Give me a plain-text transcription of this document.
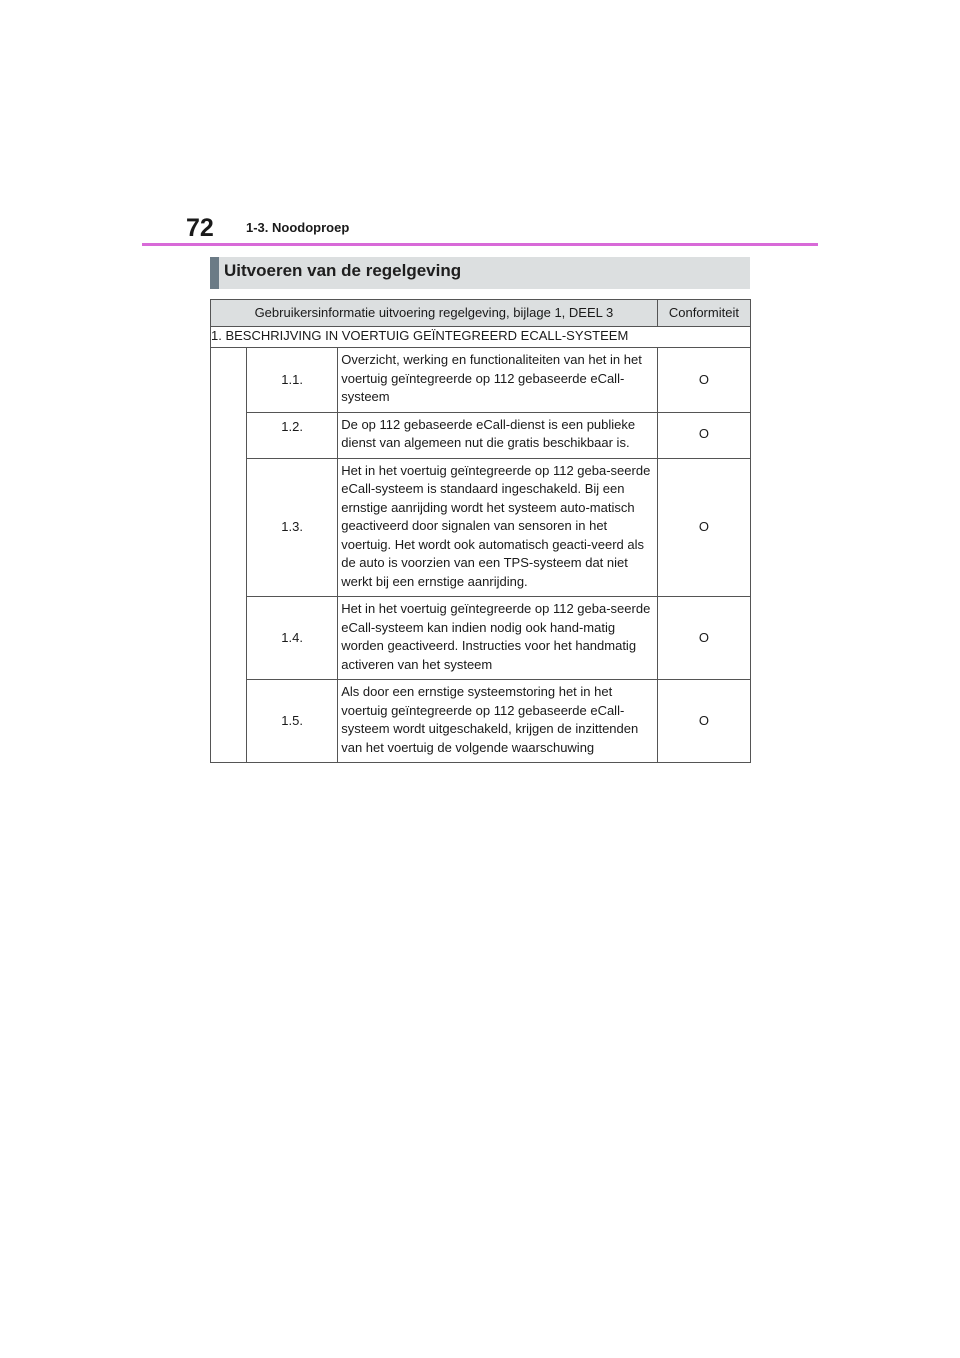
72 1-3. Noodoproep
Uitvoeren van de regelgeving
Gebruikersinformatie uitvoering regelgeving, bijlage 1, DEEL 3			Conformiteit
1. BESCHRIJVING IN VOERTUIG GEÏNTEGREERD ECALL-SYSTEEM			
	1.1.	Overzicht, werking en functionaliteiten van het in het voertuig geïntegreerde op 112 gebaseerde eCall-systeem	O
	1.2.	De op 112 gebaseerde eCall-dienst is een publieke dienst van algemeen nut die gratis beschikbaar is.	O
	1.3.	Het in het voertuig geïntegreerde op 112 geba-seerde eCall-systeem is standaard ingeschakeld. Bij een ernstige aanrijding wordt het systeem auto-matisch geactiveerd door signalen van sensoren in het voertuig. Het wordt ook automatisch geacti-veerd als de auto is voorzien van een TPS-systeem dat niet werkt bij een ernstige aanrijding.	O
	1.4.	Het in het voertuig geïntegreerde op 112 geba-seerde eCall-systeem kan indien nodig ook hand-matig worden geactiveerd. Instructies voor het handmatig activeren van het systeem	O
	1.5.	Als door een ernstige systeemstoring het in het voertuig geïntegreerde op 112 gebaseerde eCall-systeem wordt uitgeschakeld, krijgen de inzittenden van het voertuig de volgende waarschuwing	O
